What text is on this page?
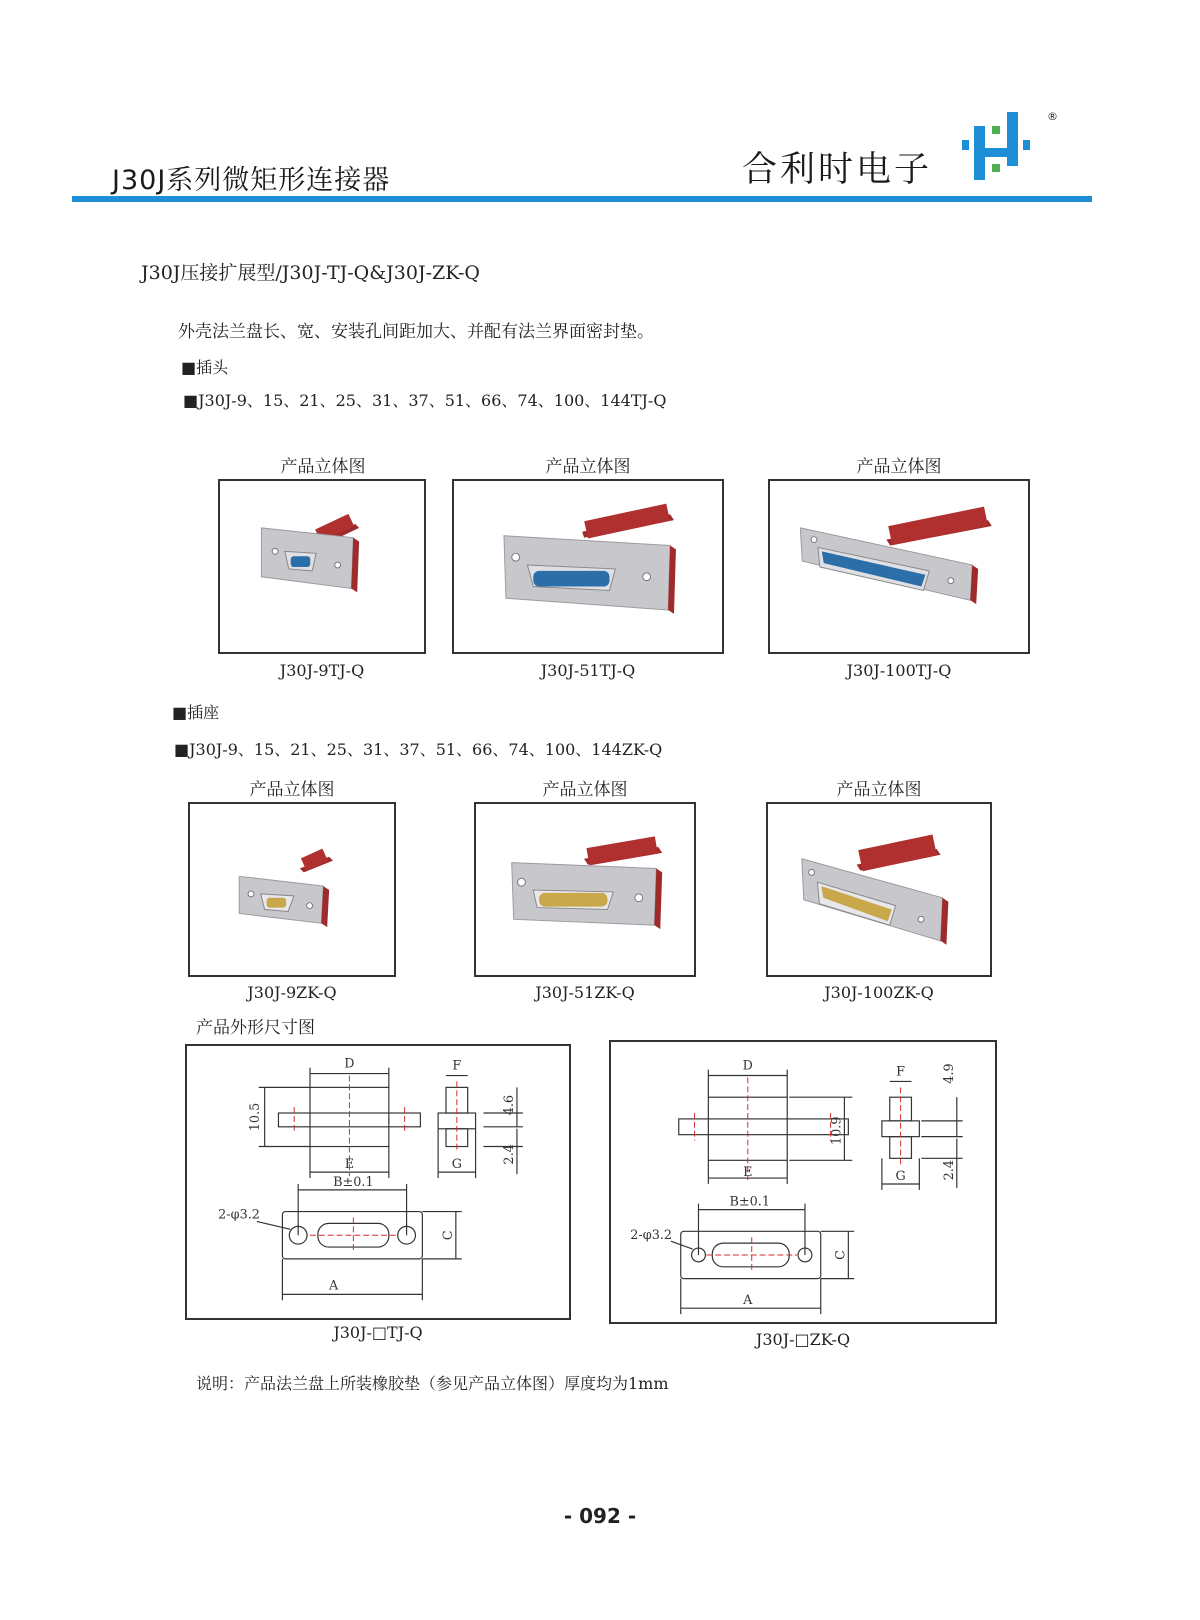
J30J系列微矩形连接器	合利时电子
®
J30J压接扩展型/J30J-TJ-Q&J30J-ZK-Q
外壳法兰盘长、宽、安装孔间距加大、并配有法兰界面密封垫。
■插头
■J30J-9、15、21、25、31、37、51、66、74、100、144TJ-Q
产品立体图	产品立体图	产品立体图
J30J-9TJ-Q	J30J-51TJ-Q	J30J-100TJ-Q
■插座
■J30J-9、15、21、25、31、37、51、66、74、100、144ZK-Q
产品立体图	产品立体图	产品立体图
J30J-9ZK-Q	J30J-51ZK-Q	J30J-100ZK-Q
产品外形尺寸图
D
E
F
G
B±0.1
A
2-φ3.2
10.5	4.6
2.4
C
J30J-□TJ-Q
D
E
F
G
B±0.1
A
2-φ3.2
10.9
4.9
2.4
C
J30J-□ZK-Q
说明：产品法兰盘上所装橡胶垫（参见产品立体图）厚度均为1mm
- 092 -
